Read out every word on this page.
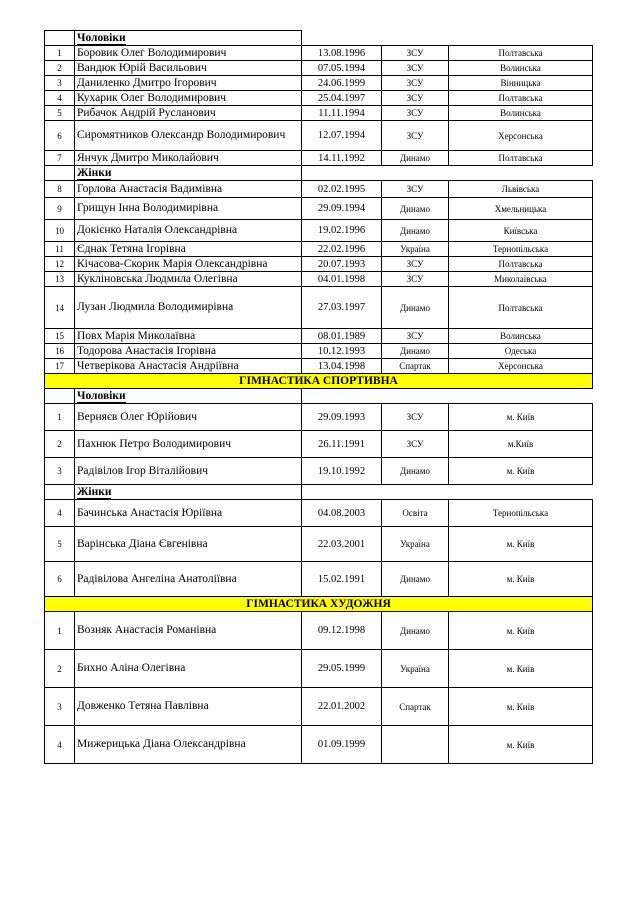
	Чоловіки			
1	Боровик Олег Володимирович	13.08.1996	ЗСУ	Полтавська
2	Вандюк Юрій Васильович	07.05.1994	ЗСУ	Волинська
3	Даниленко Дмитро Ігорович	24.06.1999	ЗСУ	Вінницька
4	Кухарик Олег Володимирович	25.04.1997	ЗСУ	Полтавська
5	Рибачок Андрій Русланович	11.11.1994	ЗСУ	Волинська
6	Сиромятников Олександр Володимирович	12.07.1994	ЗСУ	Херсонська
7	Янчук Дмитро Миколайович	14.11.1992	Динамо	Полтавська
	Жінки			
8	Горлова Анастасія Вадимівна	02.02.1995	ЗСУ	Львівська
9	Грищун Інна Володимирівна	29.09.1994	Динамо	Хмельницька
10	Докієнко Наталія Олександрівна	19.02.1996	Динамо	Київська
11	Єднак Тетяна Ігорівна	22.02.1996	Україна	Тернопільська
12	Кічасова-Скорик Марія Олександрівна	20.07.1993	ЗСУ	Полтавська
13	Кукліновська Людмила Олегівна	04.01.1998	ЗСУ	Миколаївська
14	Лузан Людмила Володимирівна	27.03.1997	Динамо	Полтавська
15	Повх Марія Миколаївна	08.01.1989	ЗСУ	Волинська
16	Тодорова Анастасія Ігорівна	10.12.1993	Динамо	Одеська
17	Четверікова Анастасія Андріївна	13.04.1998	Спартак	Херсонська
ГІМНАСТИКА СПОРТИВНА				
	Чоловіки			
1	Верняєв Олег Юрійович	29.09.1993	ЗСУ	м. Київ
2	Пахнюк Петро Володимирович	26.11.1991	ЗСУ	м.Київ
3	Радівілов Ігор Віталійович	19.10.1992	Динамо	м. Київ
	Жінки			
4	Бачинська Анастасія Юріївна	04.08.2003	Освіта	Тернопільська
5	Варінська Діана Євгенівна	22.03.2001	Україна	м. Київ
6	Радівілова Ангеліна Анатоліївна	15.02.1991	Динамо	м. Київ
ГІМНАСТИКА ХУДОЖНЯ				
1	Возняк Анастасія Романівна	09.12.1998	Динамо	м. Київ
2	Бихно Аліна Олегівна	29.05.1999	Україна	м. Київ
3	Довженко Тетяна Павлівна	22.01.2002	Спартак	м. Київ
4	Мижерицька Діана Олександрівна	01.09.1999		м. Київ
